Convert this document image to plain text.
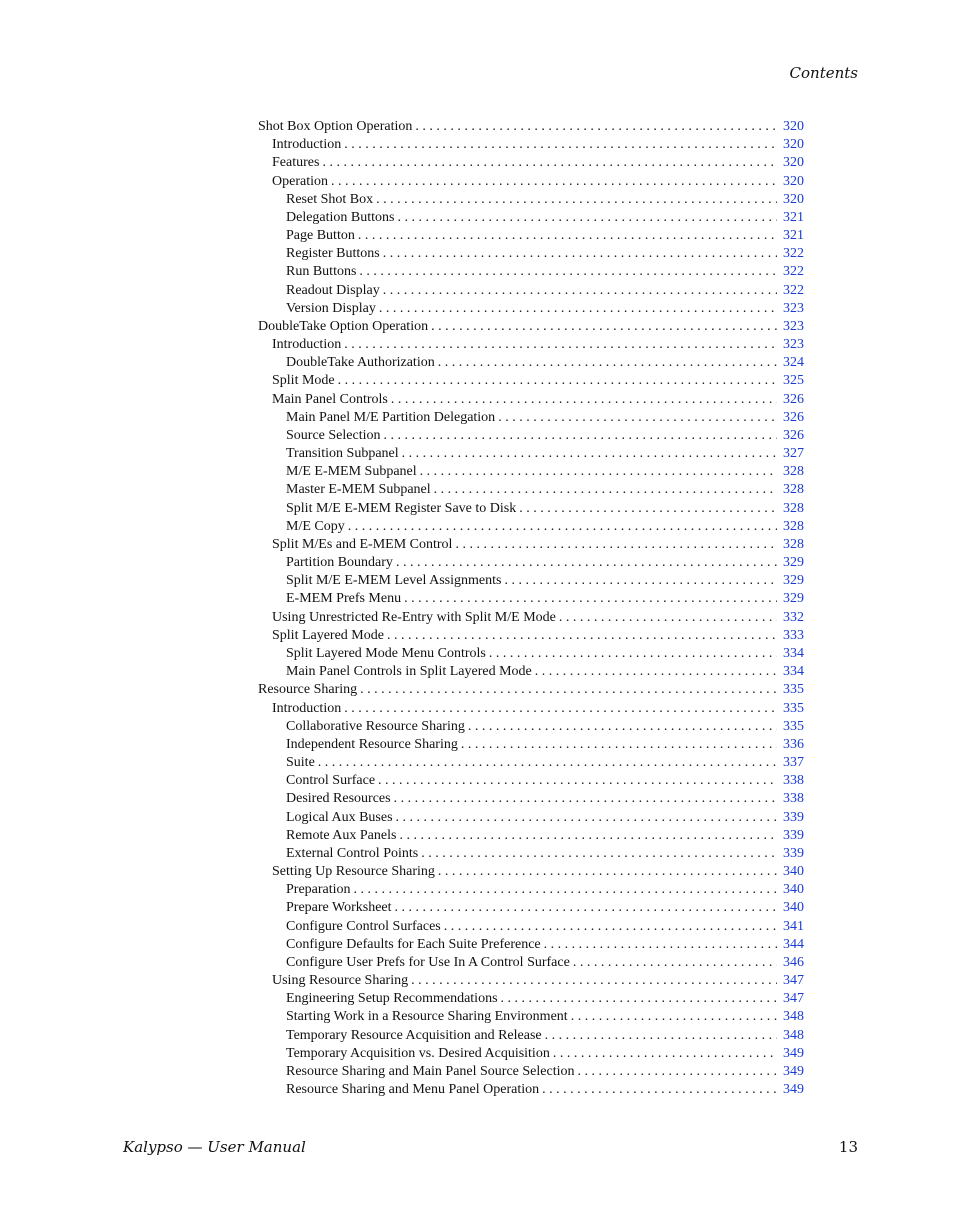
Contents
Shot Box Option Operation . . .	320
Introduction . . .	320
Features . . .	320
Operation . . .	320
Reset Shot Box . . .	320
Delegation Buttons . . .	321
Page Button . . .	321
Register Buttons . . .	322
Run Buttons . . .	322
Readout Display . . .	322
Version Display . . .	323
DoubleTake Option Operation . . .	323
Introduction . . .	323
DoubleTake Authorization . . .	324
Split Mode . . .	325
Main Panel Controls . . .	326
Main Panel M/E Partition Delegation . . .	326
Source Selection . . .	326
Transition Subpanel . . .	327
M/E E-MEM Subpanel . . .	328
Master E-MEM Subpanel . . .	328
Split M/E E-MEM Register Save to Disk . . .	328
M/E Copy . . .	328
Split M/Es and E-MEM Control . . .	328
Partition Boundary . . .	329
Split M/E E-MEM Level Assignments . . .	329
E-MEM Prefs Menu . . .	329
Using Unrestricted Re-Entry with Split M/E Mode . . .	332
Split Layered Mode . . .	333
Split Layered Mode Menu Controls . . .	334
Main Panel Controls in Split Layered Mode . . .	334
Resource Sharing . . .	335
Introduction . . .	335
Collaborative Resource Sharing . . .	335
Independent Resource Sharing . . .	336
Suite . . .	337
Control Surface . . .	338
Desired Resources . . .	338
Logical Aux Buses . . .	339
Remote Aux Panels . . .	339
External Control Points . . .	339
Setting Up Resource Sharing . . .	340
Preparation . . .	340
Prepare Worksheet . . .	340
Configure Control Surfaces . . .	341
Configure Defaults for Each Suite Preference . . .	344
Configure User Prefs for Use In A Control Surface . . .	346
Using Resource Sharing . . .	347
Engineering Setup Recommendations . . .	347
Starting Work in a Resource Sharing Environment . . .	348
Temporary Resource Acquisition and Release . . .	348
Temporary Acquisition vs. Desired Acquisition . . .	349
Resource Sharing and Main Panel Source Selection . . .	349
Resource Sharing and Menu Panel Operation . . .	349
Kalypso — User Manual	13
